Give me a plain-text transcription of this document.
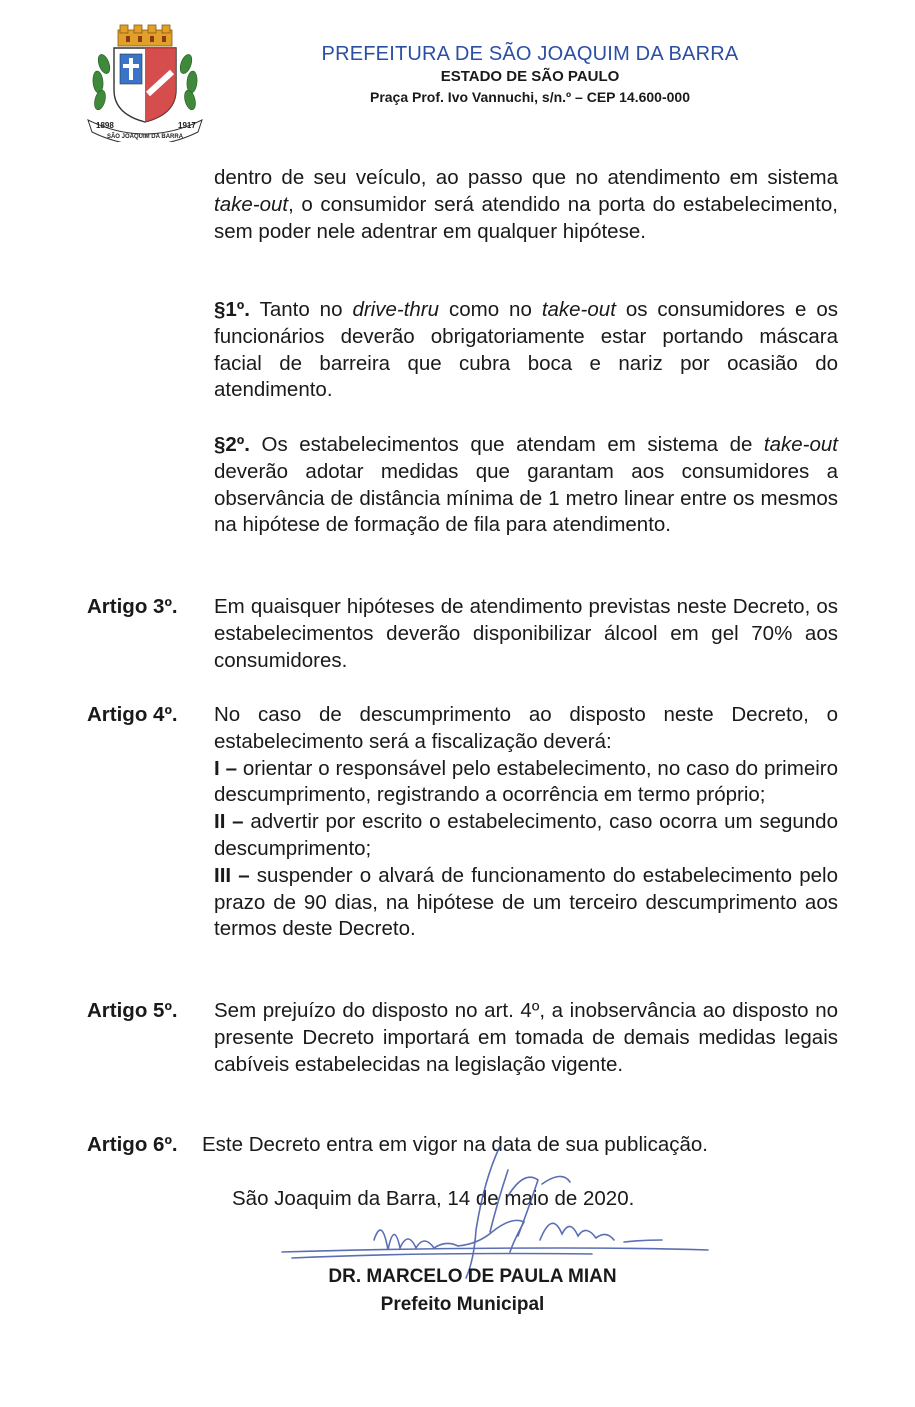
1898	1917
SÃO JOAQUIM DA BARRA
PREFEITURA DE SÃO JOAQUIM DA BARRA
ESTADO DE SÃO PAULO
Praça Prof. Ivo Vannuchi, s/n.º – CEP 14.600-000
dentro de seu veículo, ao passo que no atendimento em sistema take-out, o consumidor será atendido na porta do estabelecimento, sem poder nele adentrar em qualquer hipótese.
§1º. Tanto no drive-thru como no take-out os consumidores e os funcionários deverão obrigatoriamente estar portando máscara facial de barreira que cubra boca e nariz por ocasião do atendimento.
§2º. Os estabelecimentos que atendam em sistema de take-out deverão adotar medidas que garantam aos consumidores a observância de distância mínima de 1 metro linear entre os mesmos na hipótese de formação de fila para atendimento.
Artigo 3º. Em quaisquer hipóteses de atendimento previstas neste Decreto, os estabelecimentos deverão disponibilizar álcool em gel 70% aos consumidores.
Artigo 4º. No caso de descumprimento ao disposto neste Decreto, o estabelecimento será a fiscalização deverá:
I – orientar o responsável pelo estabelecimento, no caso do primeiro descumprimento, registrando a ocorrência em termo próprio;
II – advertir por escrito o estabelecimento, caso ocorra um segundo descumprimento;
III – suspender o alvará de funcionamento do estabelecimento pelo prazo de 90 dias, na hipótese de um terceiro descumprimento aos termos deste Decreto.
Artigo 5º. Sem prejuízo do disposto no art. 4º, a inobservância ao disposto no presente Decreto importará em tomada de demais medidas legais cabíveis estabelecidas na legislação vigente.
Artigo 6º. Este Decreto entra em vigor na data de sua publicação.
São Joaquim da Barra, 14 de maio de 2020.
DR. MARCELO DE PAULA MIAN
Prefeito Municipal
